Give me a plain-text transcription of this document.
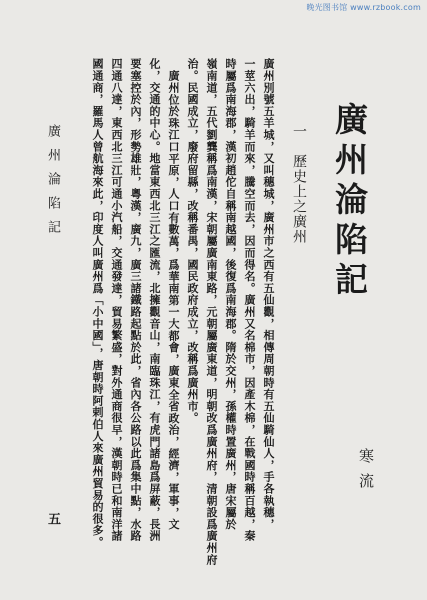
晚光图书馆 www.rzbook.com
廣州淪陷記
寒流
一　歷史上之廣州
廣州別號五羊城，又叫穗城，廣州市之西有五仙觀，相傳周朝時有五仙騎仙人，手各執穗，
一莖六出，騎羊而來，騰空而去，因而得名。廣州又名棉市，因產木棉，在戰國時稱百越，秦
時屬爲南海郡，漢初趙佗自稱南越國，後復爲南海郡。隋於交州，孫權時置廣州，唐宋屬於
嶺南道，五代劉龔稱爲南漢，宋朝屬廣南東路，元朝屬廣東道，明朝改爲廣州府，清朝設爲廣州府
治。民國成立，廢府留縣，改稱番禺，國民政府成立，改稱爲廣州市。
廣州位於珠江口平原，人口有數萬，爲華南第一大都會，廣東全省政治，經濟，軍事，文
化，交通的中心。地當東西北三江之匯流，北擁觀音山，南臨珠江，有虎門諸島爲屏蔽，長洲
要塞控於內，形勢雄壯，粵漢，廣九，廣三諸鐵路起點於此，省內各公路以此爲集中點，水路
四通八達，東西北三江可通小汽船，交通發達，貿易繁盛，對外通商很早，漢朝時已和南洋諸
國通商，羅馬人曾航海來此，印度人叫廣州爲「小中國」，唐朝時阿剌伯人來廣州貿易的很多。
廣州淪陷記
五
